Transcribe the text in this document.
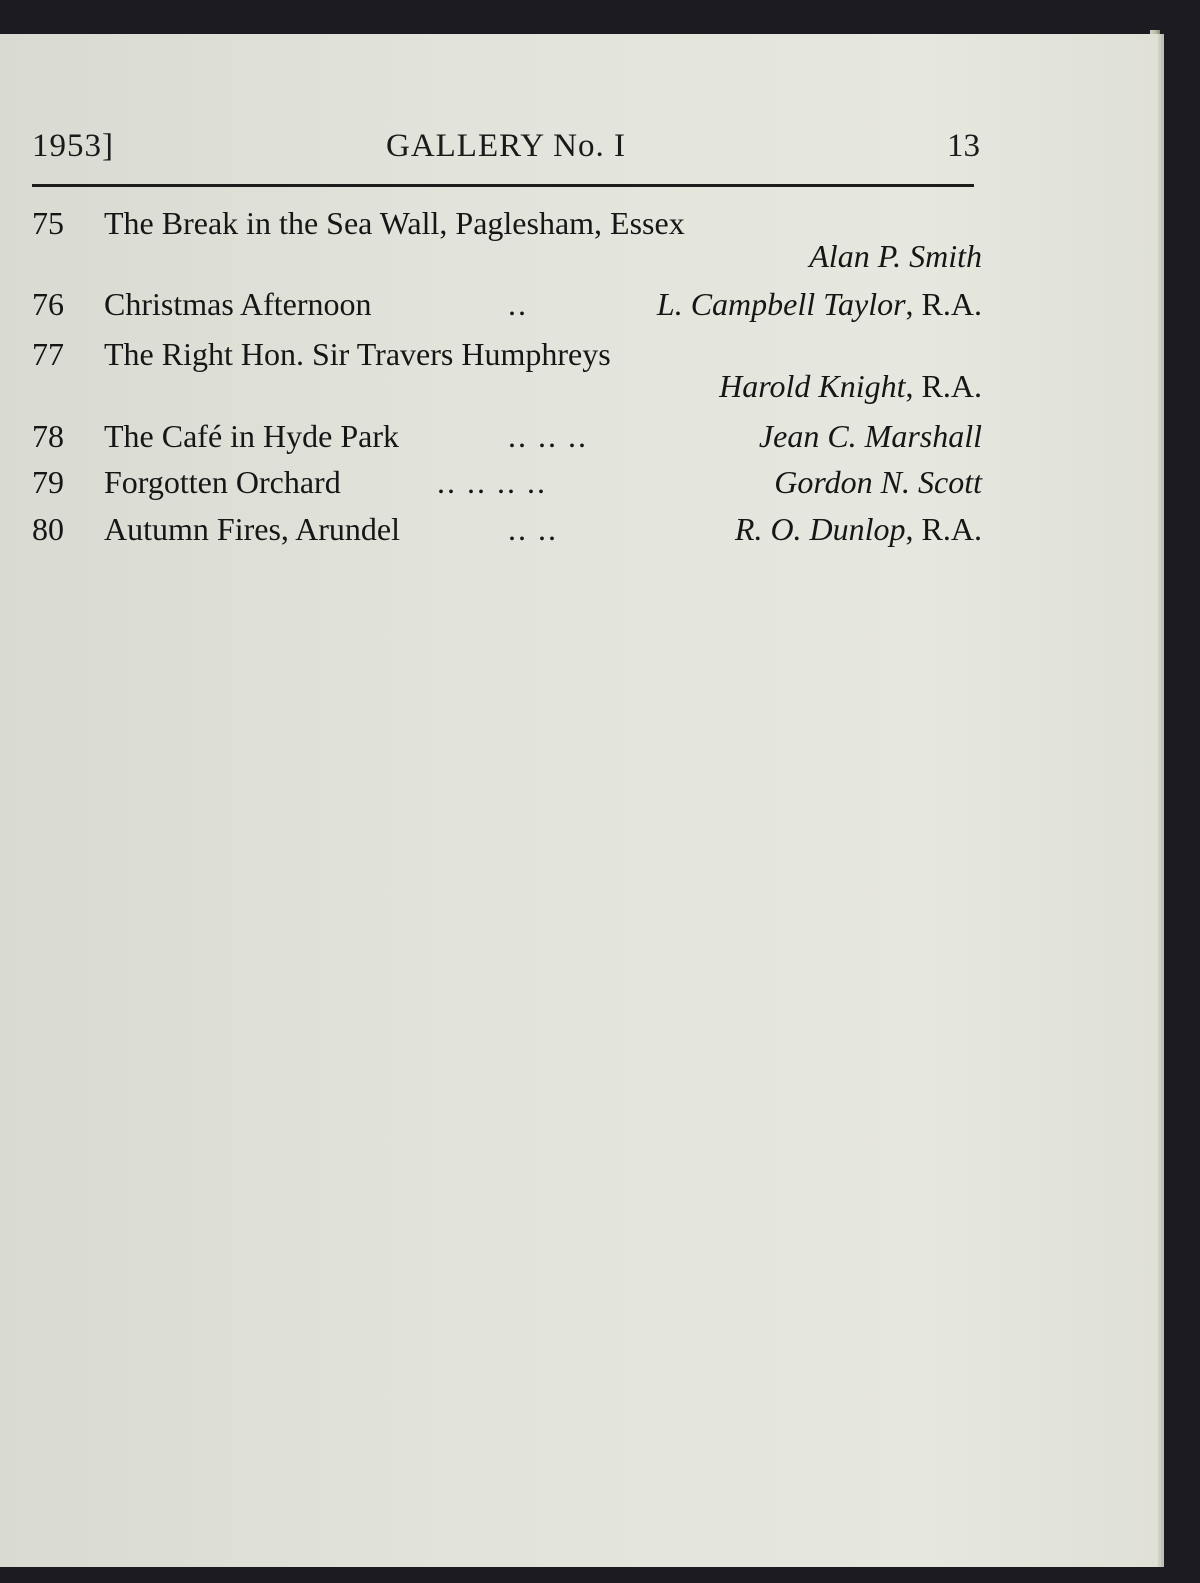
1953]	GALLERY No. I	13
75 The Break in the Sea Wall, Paglesham, Essex
Alan P. Smith
76 Christmas Afternoon	..	L. Campbell Taylor, R.A.
77 The Right Hon. Sir Travers Humphreys
Harold Knight, R.A.
78 The Café in Hyde Park	.. .. ..	Jean C. Marshall
79 Forgotten Orchard	.. .. .. ..	Gordon N. Scott
80 Autumn Fires, Arundel	.. ..	R. O. Dunlop, R.A.
